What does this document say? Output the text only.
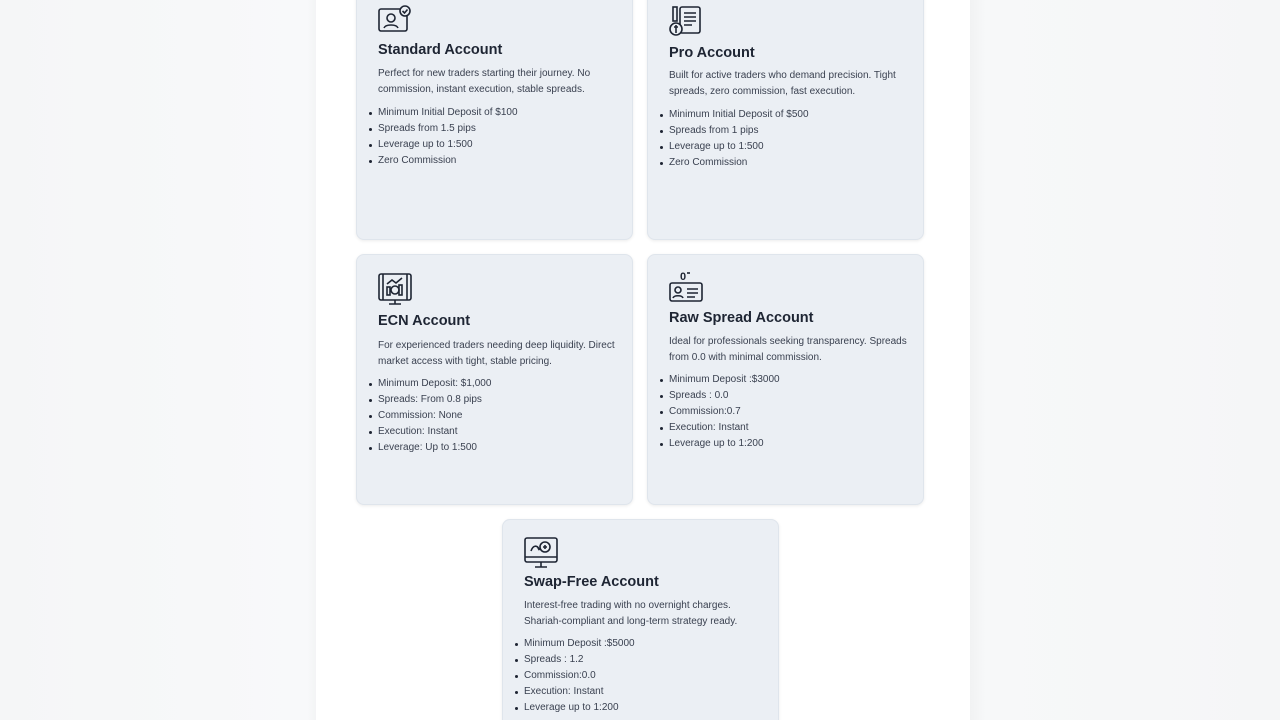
Standard Account
Perfect for new traders starting their journey. No commission, instant execution, stable spreads.
Minimum Initial Deposit of $100
Spreads from 1.5 pips
Leverage up to 1:500
Zero Commission
Pro Account
Built for active traders who demand precision. Tight spreads, zero commission, fast execution.
Minimum Initial Deposit of $500
Spreads from 1 pips
Leverage up to 1:500
Zero Commission
ECN Account
For experienced traders needing deep liquidity. Direct market access with tight, stable pricing.
Minimum Deposit: $1,000
Spreads: From 0.8 pips
Commission: None
Execution: Instant
Leverage: Up to 1:500
0
Raw Spread Account
Ideal for professionals seeking transparency. Spreads from 0.0 with minimal commission.
Minimum Deposit :$3000
Spreads : 0.0
Commission:0.7
Execution: Instant
Leverage up to 1:200
Swap-Free Account
Interest-free trading with no overnight charges. Shariah-compliant and long-term strategy ready.
Minimum Deposit :$5000
Spreads : 1.2
Commission:0.0
Execution: Instant
Leverage up to 1:200
